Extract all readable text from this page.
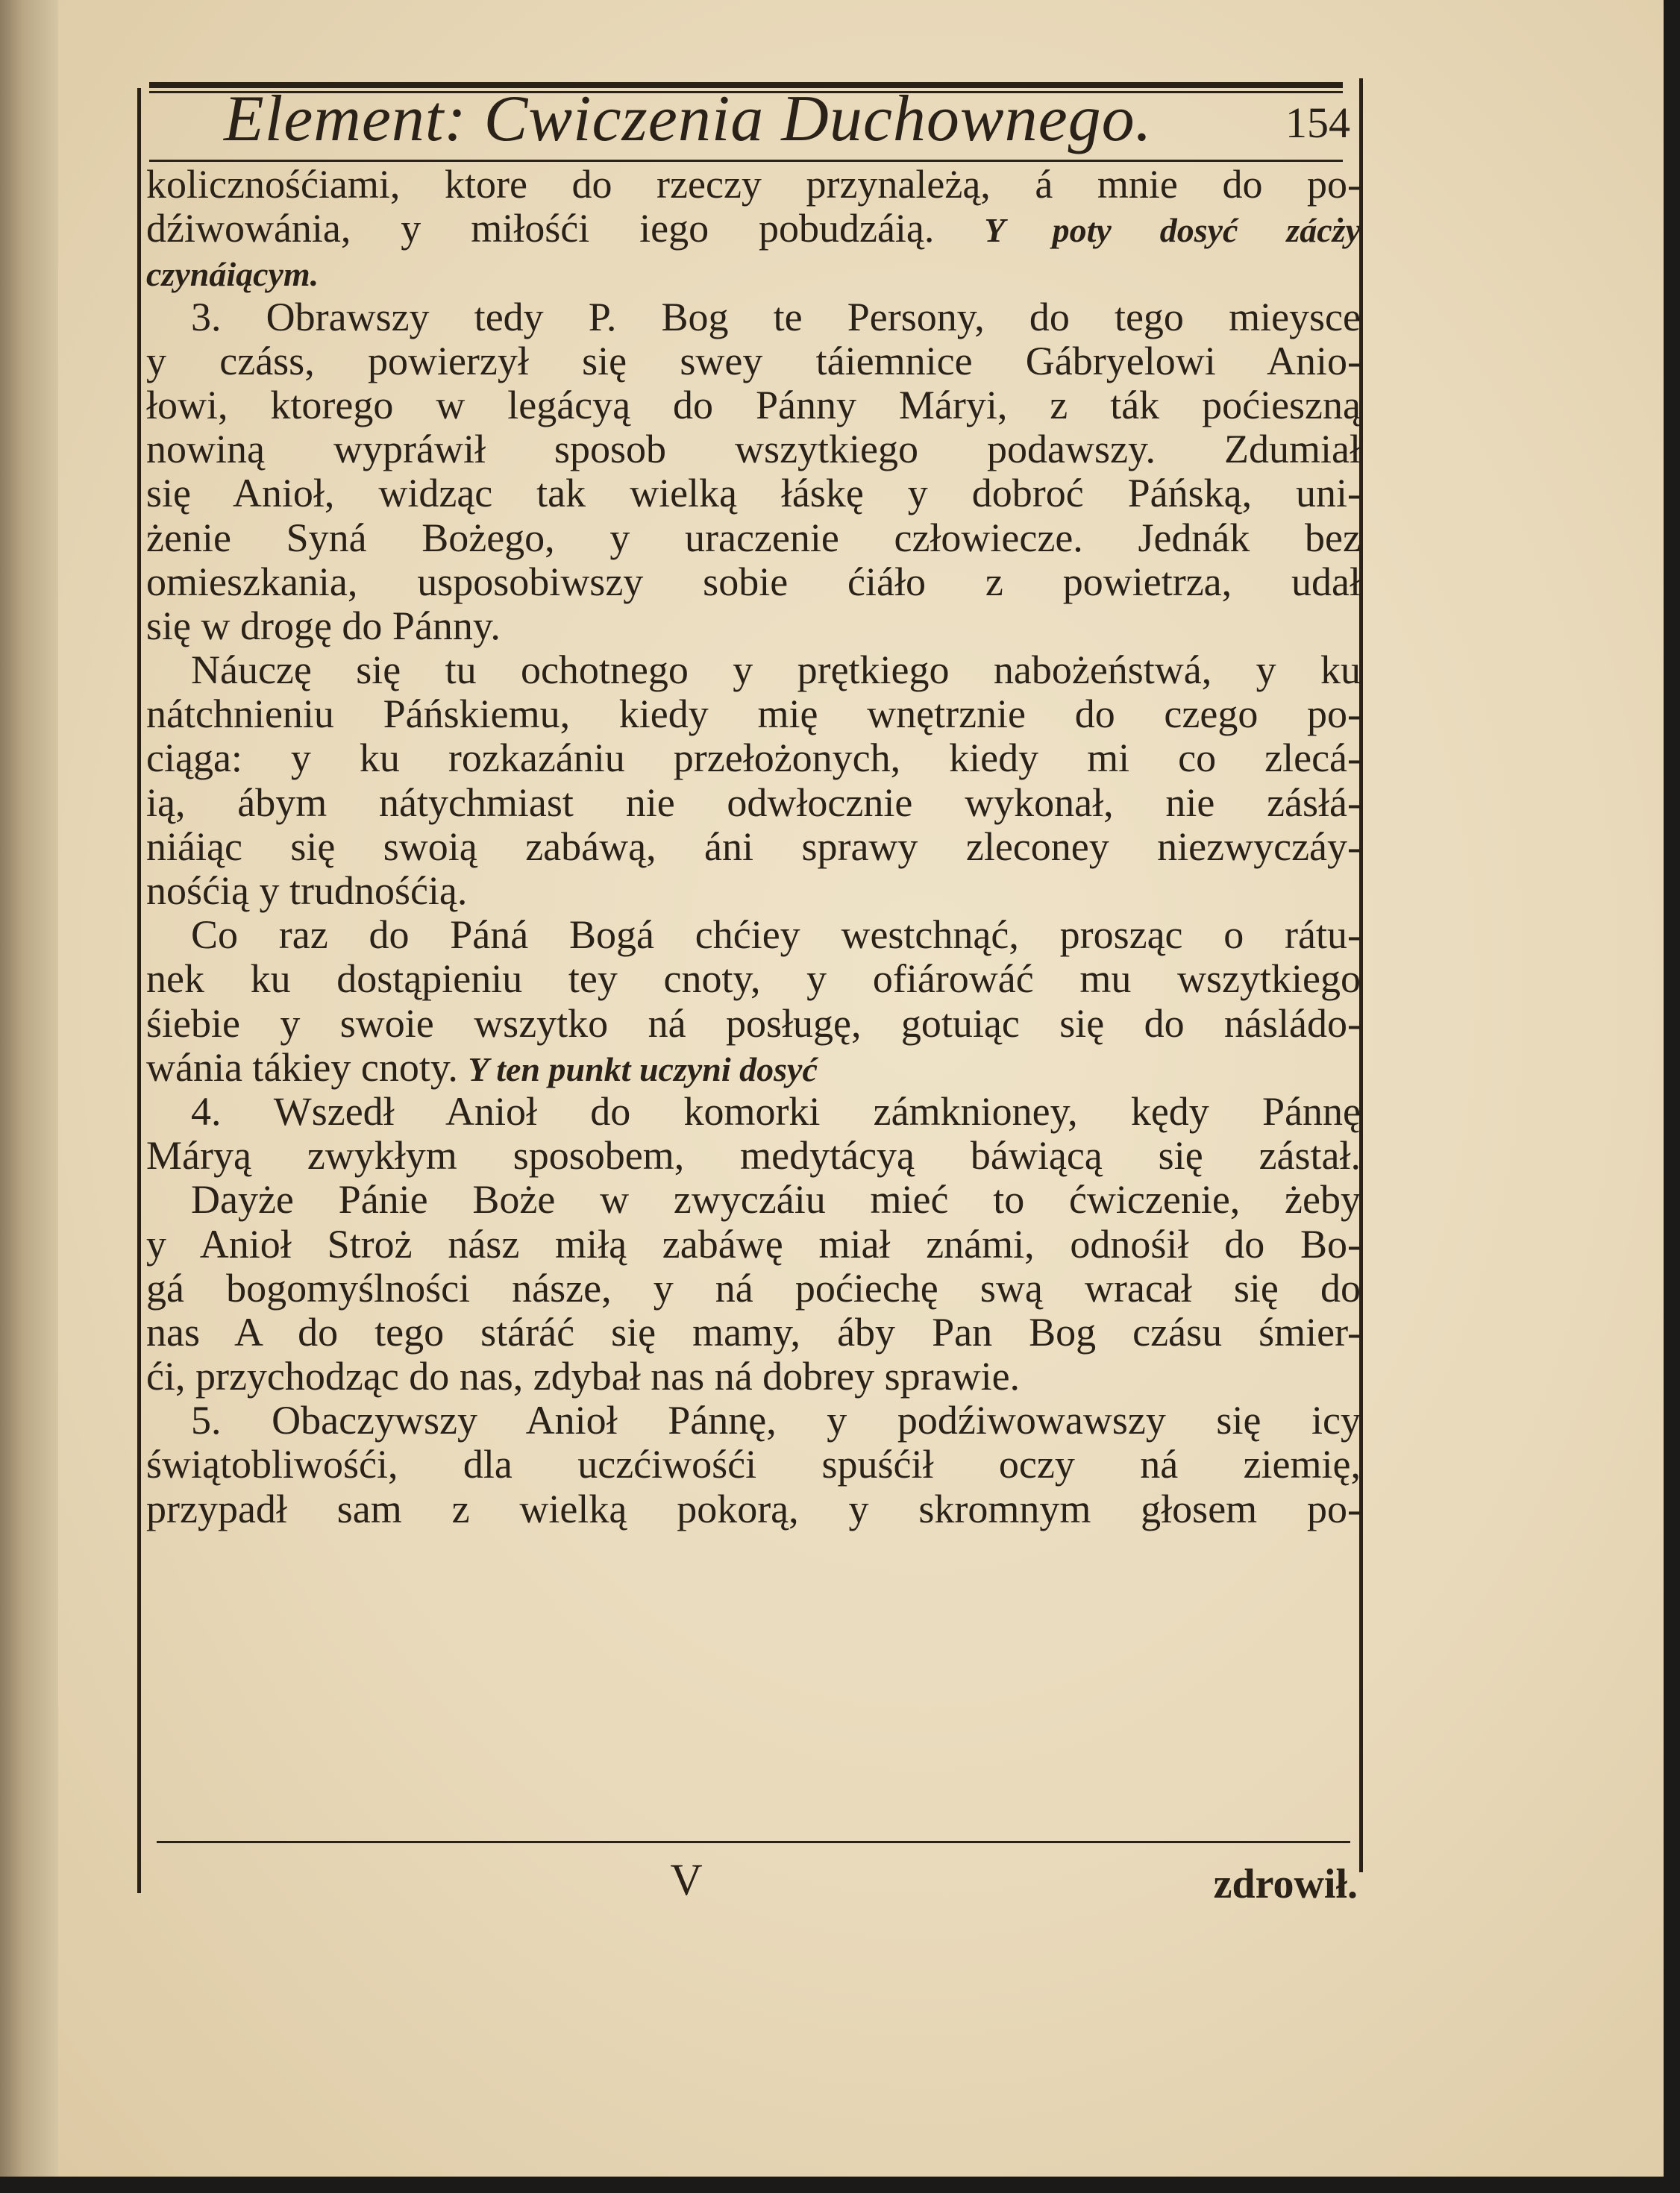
Element: Cwiczenia Duchownego.	154
kolicznośćiami, ktore do rzeczy przynależą, á mnie do po-
dźiwowánia, y miłośći iego pobudzáią. Y poty dosyć zácży
czynáiącym.
3. Obrawszy tedy P. Bog te Persony, do tego mieysce
y czáss, powierzył się swey táiemnice Gábryelowi Anio-
łowi, ktorego w legácyą do Pánny Máryi, z ták poćieszną
nowiną wypráwił sposob wszytkiego podawszy. Zdumiał
się Anioł, widząc tak wielką łáskę y dobroć Páńską, uni-
żenie Syná Bożego, y uraczenie człowiecze. Jednák bez
omieszkania, usposobiwszy sobie ćiáło z powietrza, udał
się w drogę do Pánny.
Náuczę się tu ochotnego y prętkiego nabożeństwá, y ku
nátchnieniu Páńskiemu, kiedy mię wnętrznie do czego po-
ciąga: y ku rozkazániu przełożonych, kiedy mi co zlecá-
ią, ábym nátychmiast nie odwłocznie wykonał, nie zásłá-
niáiąc się swoią zabáwą, áni sprawy zleconey niezwyczáy-
nośćią y trudnośćią.
Co raz do Páná Bogá chćiey westchnąć, prosząc o rátu-
nek ku dostąpieniu tey cnoty, y ofiárowáć mu wszytkiego
śiebie y swoie wszytko ná posługę, gotuiąc się do násládo-
wánia tákiey cnoty. Y ten punkt uczyni dosyć
4. Wszedł Anioł do komorki zámknioney, kędy Pánnę
Máryą zwykłym sposobem, medytácyą báwiącą się zástał.
Dayże Pánie Boże w zwyczáiu mieć to ćwiczenie, żeby
y Anioł Stroż nász miłą zabáwę miał známi, odnośił do Bo-
gá bogomyślności násze, y ná poćiechę swą wracał się do
nas A do tego stáráć się mamy, áby Pan Bog czásu śmier-
ći, przychodząc do nas, zdybał nas ná dobrey sprawie.
5. Obaczywszy Anioł Pánnę, y podźiwowawszy się icy
świątobliwośći, dla uczćiwośći spuśćił oczy ná ziemię,
przypadł sam z wielką pokorą, y skromnym głosem po-
V	zdrowił.
